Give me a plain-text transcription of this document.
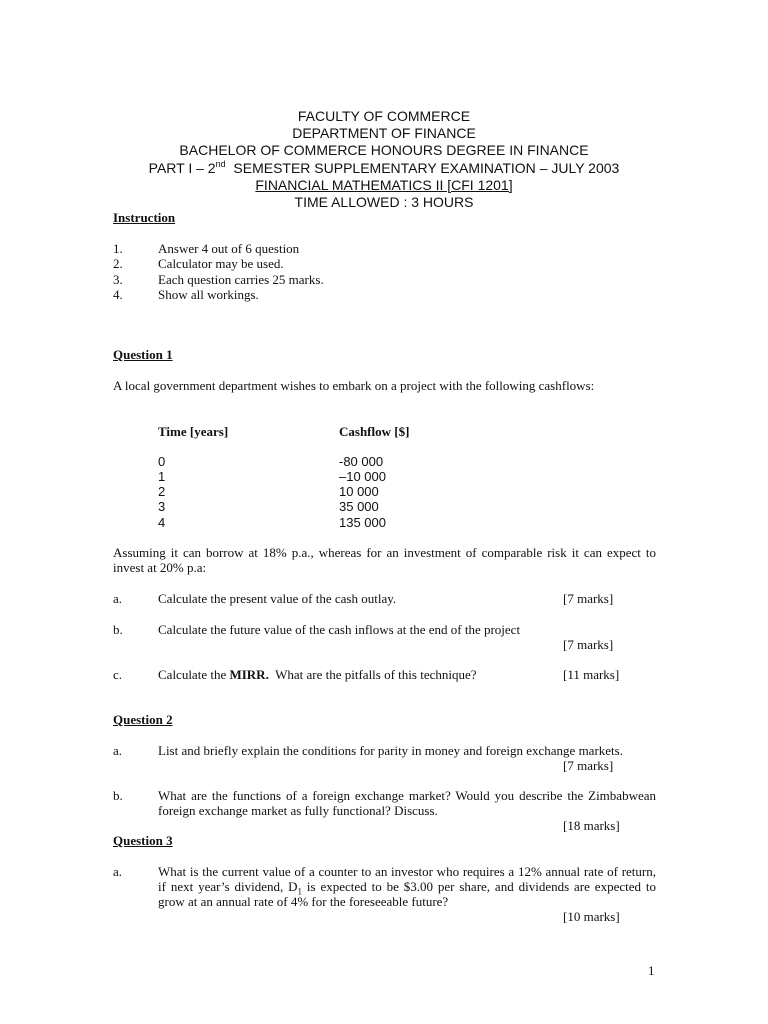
FACULTY OF COMMERCE
DEPARTMENT OF FINANCE
BACHELOR OF COMMERCE HONOURS DEGREE IN FINANCE
PART I – 2nd  SEMESTER SUPPLEMENTARY EXAMINATION – JULY 2003
FINANCIAL MATHEMATICS II [CFI 1201]
TIME ALLOWED : 3 HOURS
Instruction
1.	Answer 4 out of 6 question
2.	Calculator may be used.
3.	Each question carries 25 marks.
4.	Show all workings.
Question 1
A local government department wishes to embark on a project with the following cashflows:
Time [years]	Cashflow [$]
0	-80 000
1	–10 000
2	10 000
3	35 000
4	135 000
Assuming it can borrow at 18% p.a., whereas for an investment of comparable risk it can expect to invest at 20% p.a:
a.	Calculate the present value of the cash outlay.	[7 marks]
b.	Calculate the future value of the cash inflows at the end of the project
[7 marks]
c.	Calculate the MIRR.  What are the pitfalls of this technique?	[11 marks]
Question 2
a.	List and briefly explain the conditions for parity in money and foreign exchange markets.
[7 marks]
b.	What are the functions of a foreign exchange market? Would you describe the Zimbabwean foreign exchange market as fully functional? Discuss.
[18 marks]
Question 3
a.	What is the current value of a counter to an investor who requires a 12% annual rate of return, if next year’s dividend, $D_1$ is expected to be $3.00 per share, and dividends are expected to grow at an annual rate of 4% for the foreseeable future?
[10 marks]
1
